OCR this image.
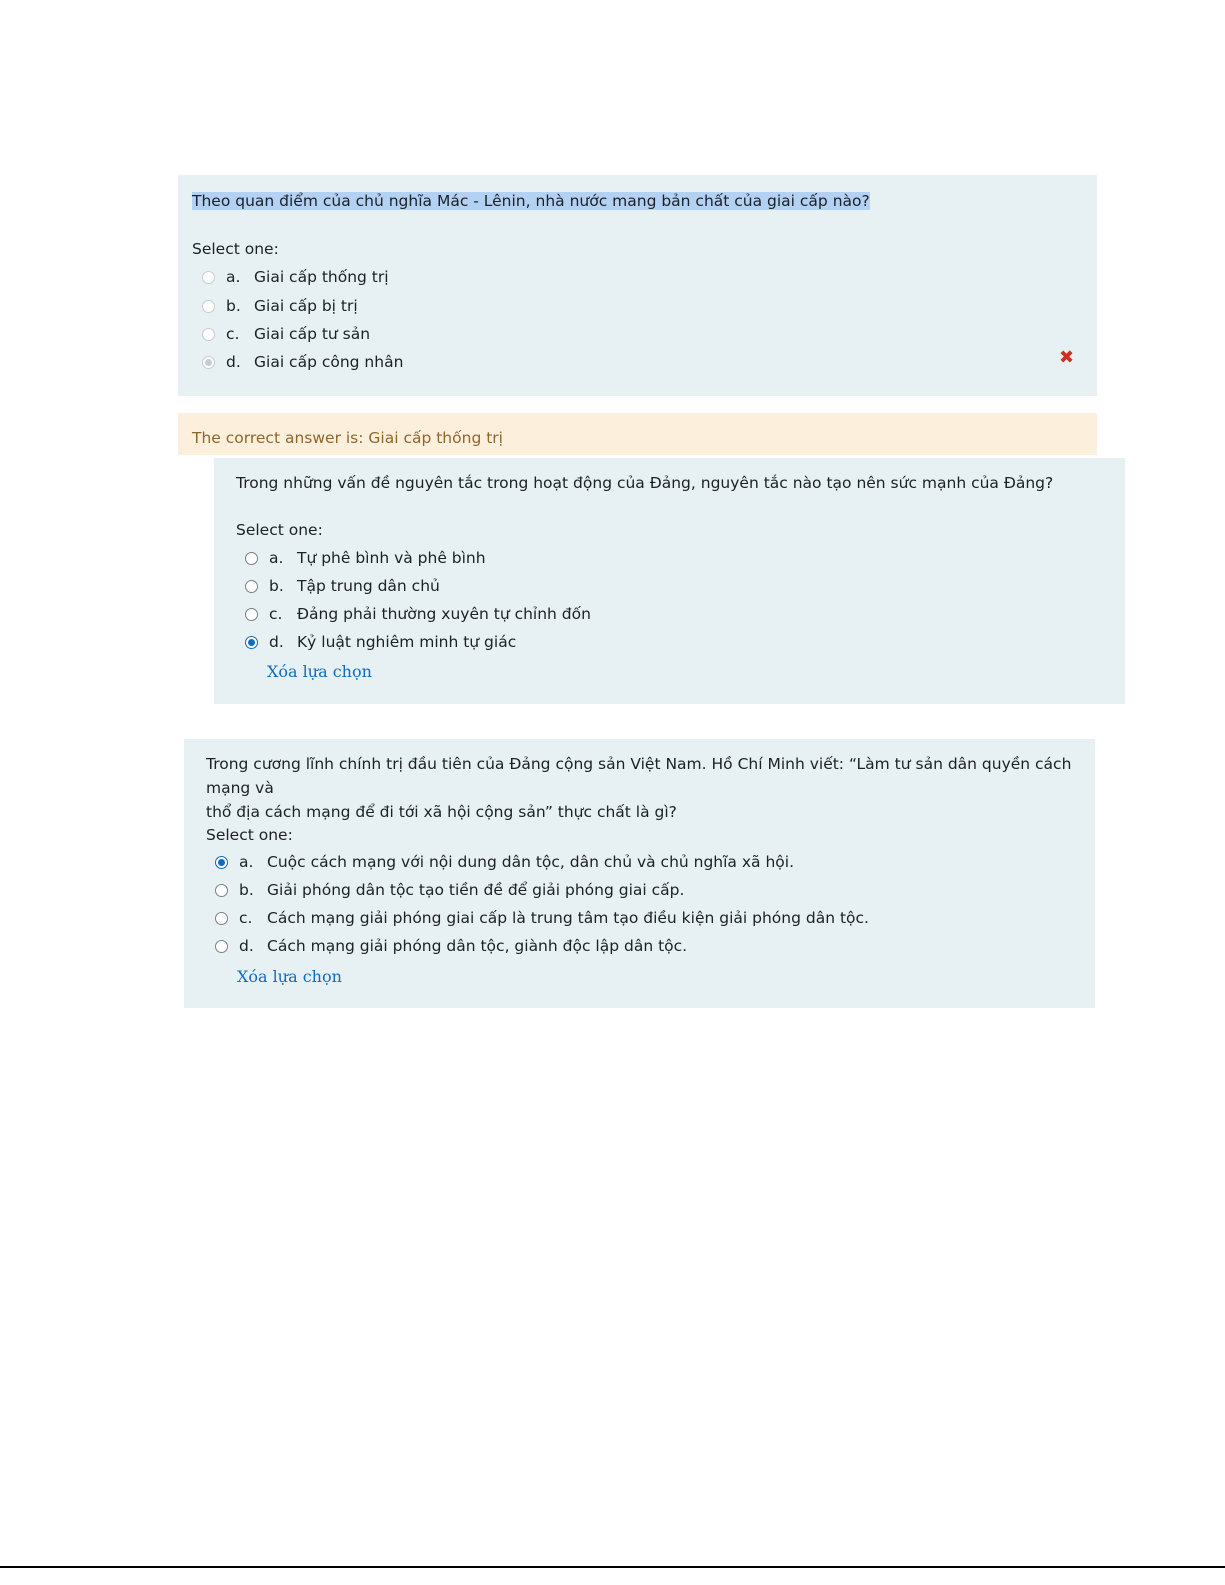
Theo quan điểm của chủ nghĩa Mác - Lênin, nhà nước mang bản chất của giai cấp nào?
Select one:
a. Giai cấp thống trị
b. Giai cấp bị trị
c. Giai cấp tư sản
d. Giai cấp công nhân	✖
The correct answer is: Giai cấp thống trị
Trong những vấn đề nguyên tắc trong hoạt động của Đảng, nguyên tắc nào tạo nên sức mạnh của Đảng?
Select one:
a. Tự phê bình và phê bình
b. Tập trung dân chủ
c. Đảng phải thường xuyên tự chỉnh đốn
d. Kỷ luật nghiêm minh tự giác
Xóa lựa chọn
Trong cương lĩnh chính trị đầu tiên của Đảng cộng sản Việt Nam. Hồ Chí Minh viết: “Làm tư sản dân quyền cách mạng và
thổ địa cách mạng để đi tới xã hội cộng sản” thực chất là gì?
Select one:
a. Cuộc cách mạng với nội dung dân tộc, dân chủ và chủ nghĩa xã hội.
b. Giải phóng dân tộc tạo tiền đề để giải phóng giai cấp.
c. Cách mạng giải phóng giai cấp là trung tâm tạo điều kiện giải phóng dân tộc.
d. Cách mạng giải phóng dân tộc, giành độc lập dân tộc.
Xóa lựa chọn
